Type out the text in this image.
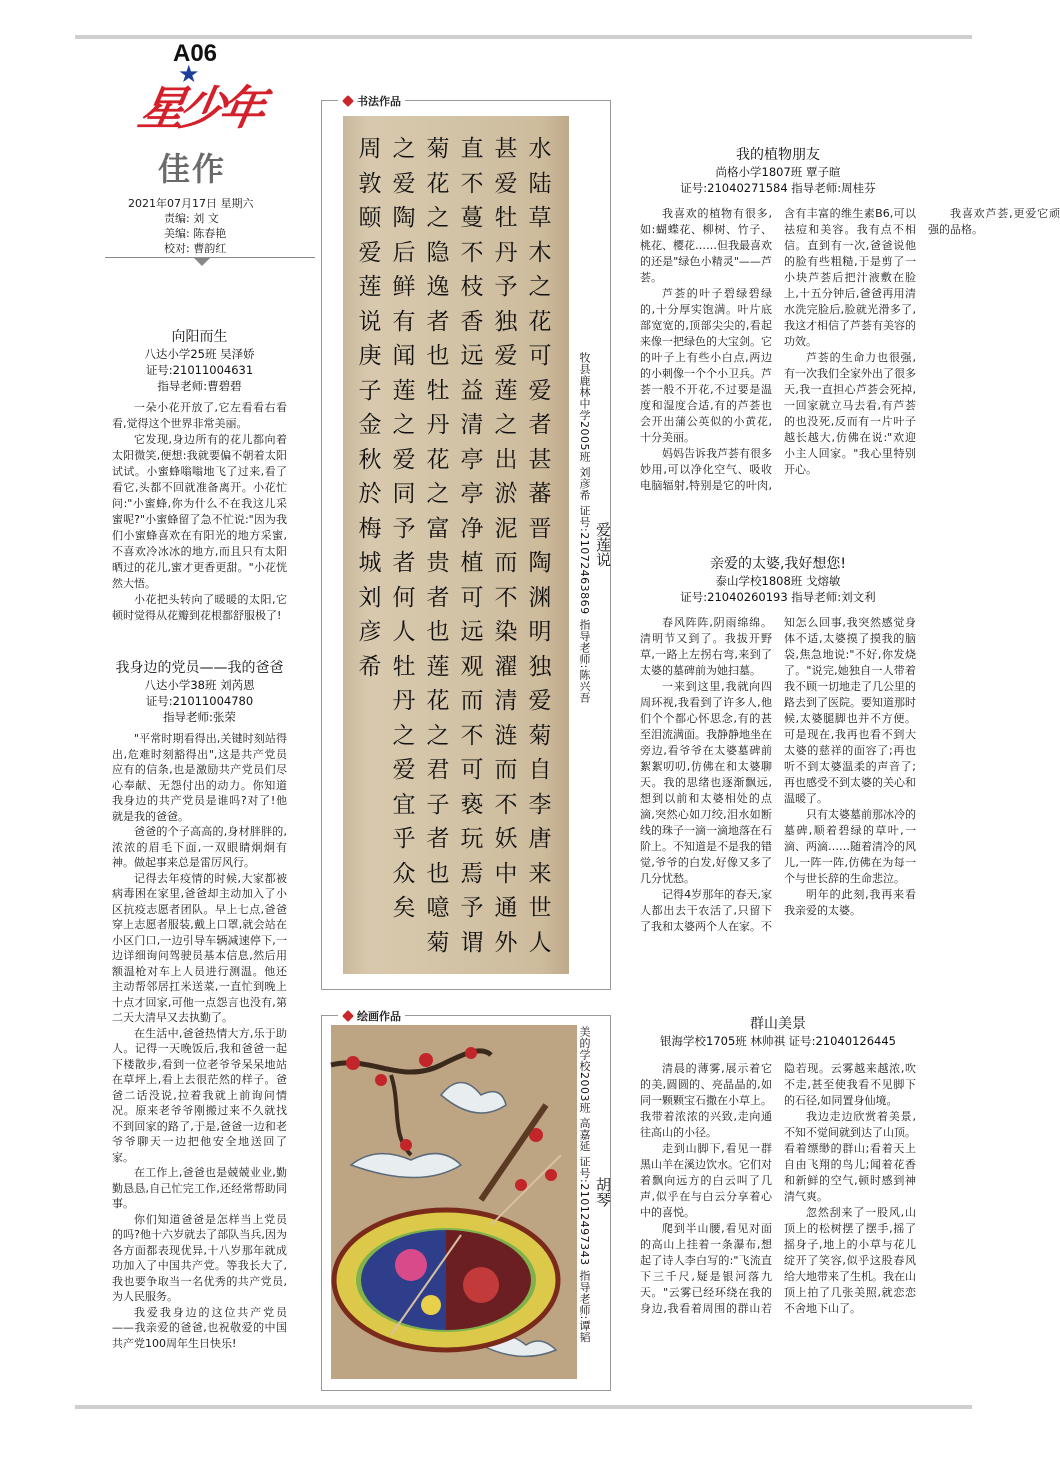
A06
星少年
★
佳作
2021年07月17日 星期六
责编: 刘 文
美编: 陈春艳
校对: 曹韵红
向阳而生
八达小学25班 吴泽娇
证号:21011004631
指导老师:曹碧碧

一朵小花开放了,它左看看右看看,觉得这个世界非常美丽。

它发现,身边所有的花儿都向着太阳微笑,便想:我就要偏不朝着太阳试试。小蜜蜂嗡嗡地飞了过来,看了看它,头都不回就准备离开。小花忙问:"小蜜蜂,你为什么不在我这儿采蜜呢?"小蜜蜂留了急不忙说:"因为我们小蜜蜂喜欢在有阳光的地方采蜜,不喜欢冷冰冰的地方,而且只有太阳晒过的花儿,蜜才更香更甜。"小花恍然大悟。

小花把头转向了暖暖的太阳,它顿时觉得从花瓣到花根都舒服极了!

我身边的党员——我的爸爸
八达小学38班 刘芮恩
证号:21011004780
指导老师:张荣

"平常时期看得出,关键时刻站得出,危难时刻豁得出",这是共产党员应有的信条,也是激励共产党员们尽心奉献、无怨付出的动力。你知道我身边的共产党员是谁吗?对了!他就是我的爸爸。

爸爸的个子高高的,身材胖胖的,浓浓的眉毛下面,一双眼睛炯炯有神。做起事来总是雷厉风行。

记得去年疫情的时候,大家都被病毒困在家里,爸爸却主动加入了小区抗疫志愿者团队。早上七点,爸爸穿上志愿者服装,戴上口罩,就会站在小区门口,一边引导车辆减速停下,一边详细询问驾驶员基本信息,然后用额温枪对车上人员进行测温。他还主动帮邻居扛米送菜,一直忙到晚上十点才回家,可他一点怨言也没有,第二天大清早又去执勤了。

在生活中,爸爸热情大方,乐于助人。记得一天晚饭后,我和爸爸一起下楼散步,看到一位老爷爷呆呆地站在草坪上,看上去很茫然的样子。爸爸二话没说,拉着我就上前询问情况。原来老爷爷刚搬过来不久就找不到回家的路了,于是,爸爸一边和老爷爷聊天一边把他安全地送回了家。

在工作上,爸爸也是兢兢业业,勤勤恳恳,自己忙完工作,还经常帮助同事。

你们知道爸爸是怎样当上党员的吗?他十六岁就去了部队当兵,因为各方面都表现优异,十八岁那年就成功加入了中国共产党。等我长大了,我也要争取当一名优秀的共产党员,为人民服务。

我爱我身边的这位共产党员——我亲爱的爸爸,也祝敬爱的中国共产党100周年生日快乐!

书法作品
水
陆
草
木
之
花
可
爱
者
甚
蕃
晋
陶
渊
明
独
爱
菊
自
李
唐
来
世
人
甚
爱
牡
丹
予
独
爱
莲
之
出
淤
泥
而
不
染
濯
清
涟
而
不
妖
中
通
外
直
不
蔓
不
枝
香
远
益
清
亭
亭
净
植
可
远
观
而
不
可
亵
玩
焉
予
谓
菊
花
之
隐
逸
者
也
牡
丹
花
之
富
贵
者
也
莲
花
之
君
子
者
也
噫
菊
之
爱
陶
后
鲜
有
闻
莲
之
爱
同
予
者
何
人
牡
丹
之
爱
宜
乎
众
矣
周
敦
颐
爱
莲
说
庚
子
金
秋
於
梅
城
刘
彦
希
爱莲说
牧县鹿林中学2005班 刘彦希 证号:21072463869 指导老师:陈兴吾
绘画作品
胡琴
美的学校2003班 高嘉延 证号:21012497343 指导老师:谭韬
我的植物朋友
尚格小学1807班 覃子暄
证号:21040271584 指导老师:周桂芬

我喜欢的植物有很多,如:蝴蝶花、柳树、竹子、桃花、樱花……但我最喜欢的还是"绿色小精灵"——芦荟。

芦荟的叶子碧绿碧绿的,十分厚实饱满。叶片底部宽宽的,顶部尖尖的,看起来像一把绿色的大宝剑。它的叶子上有些小白点,两边的小刺像一个个小卫兵。芦荟一般不开花,不过要是温度和湿度合适,有的芦荟也会开出蒲公英似的小黄花,十分美丽。

妈妈告诉我芦荟有很多妙用,可以净化空气、吸收电脑辐射,特别是它的叶肉,含有丰富的维生素B6,可以祛痘和美容。我有点不相信。直到有一次,爸爸说他的脸有些粗糙,于是剪了一小块芦荟后把汁液敷在脸上,十五分钟后,爸爸再用清水洗完脸后,脸就光滑多了,我这才相信了芦荟有美容的功效。

芦荟的生命力也很强,有一次我们全家外出了很多天,我一直担心芦荟会死掉,一回家就立马去看,有芦荟的也没死,反而有一片叶子越长越大,仿佛在说:"欢迎小主人回家。"我心里特别开心。

我喜欢芦荟,更爱它顽强的品格。

亲爱的太婆,我好想您!
泰山学校1808班 戈熔敏
证号:21040260193 指导老师:刘文利

春风阵阵,阴雨绵绵。清明节又到了。我拔开野草,一路上左拐右弯,来到了太婆的墓碑前为她扫墓。

一来到这里,我就向四周环视,我看到了许多人,他们个个都心怀思念,有的甚至泪流满面。我静静地坐在旁边,看爷爷在太婆墓碑前絮絮叨叨,仿佛在和太婆聊天。我的思绪也逐渐飘远,想到以前和太婆相处的点滴,突然心如刀绞,泪水如断线的珠子一滴一滴地落在石阶上。不知道是不是我的错觉,爷爷的白发,好像又多了几分忧愁。

记得4岁那年的春天,家人都出去干农活了,只留下了我和太婆两个人在家。不知怎么回事,我突然感觉身体不适,太婆摸了摸我的脑袋,焦急地说:"不好,你发烧了。"说完,她独自一人带着我不顾一切地走了几公里的路去到了医院。要知道那时候,太婆腿脚也并不方便。可是现在,我再也看不到大太婆的慈祥的面容了;再也听不到太婆温柔的声音了;再也感受不到太婆的关心和温暖了。

只有太婆墓前那冰冷的墓碑,顺着碧绿的草叶,一滴、两滴……随着清冷的风儿,一阵一阵,仿佛在为每一个与世长辞的生命悲泣。

明年的此刻,我再来看我亲爱的太婆。

群山美景
银海学校1705班 林帅祺 证号:21040126445

清晨的薄雾,展示着它的美,圆圆的、亮晶晶的,如同一颗颗宝石撒在小草上。我带着浓浓的兴致,走向通往高山的小径。

走到山脚下,看见一群黑山羊在溪边饮水。它们对着飘向远方的白云叫了几声,似乎在与白云分享着心中的喜悦。

爬到半山腰,看见对面的高山上挂着一条瀑布,想起了诗人李白写的:"飞流直下三千尺,疑是银河落九天。"云雾已经环绕在我的身边,我看着周围的群山若隐若现。云雾越来越浓,吹不走,甚至使我看不见脚下的石径,如同置身仙境。

我边走边欣赏着美景,不知不觉间就到达了山顶。看着缥缈的群山;看着天上自由飞翔的鸟儿;闻着花香和新鲜的空气,顿时感到神清气爽。

忽然刮来了一股风,山顶上的松树摆了摆手,摇了摇身子,地上的小草与花儿绽开了笑容,似乎这股春风给大地带来了生机。我在山顶上拍了几张美照,就恋恋不舍地下山了。
